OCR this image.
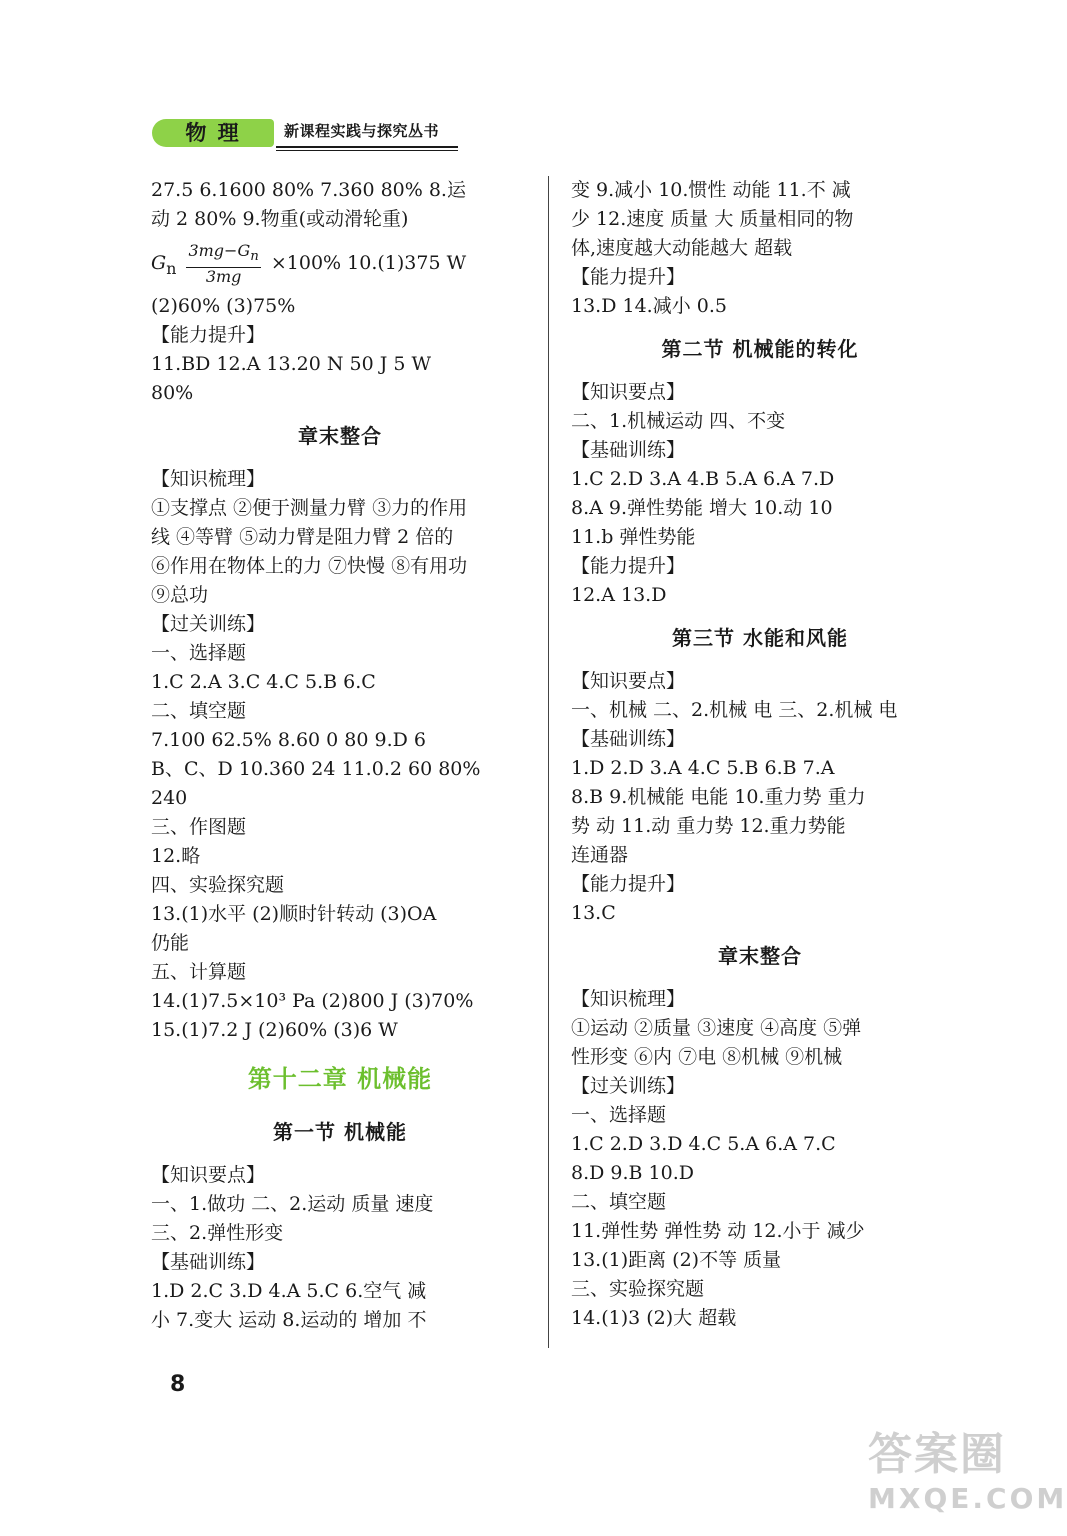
物 理	新课程实践与探究丛书
27.5 6.1600 80% 7.360 80% 8.运
动 2 80% 9.物重(或动滑轮重)
$G_n \frac{3mg-G_n}{3mg} \times 100\%$ 10.(1)375 W
(2)60% (3)75%
【能力提升】
11.BD 12.A 13.20 N 50 J 5 W
80%
章末整合
【知识梳理】
①支撑点 ②便于测量力臂 ③力的作用
线 ④等臂 ⑤动力臂是阻力臂 2 倍的
⑥作用在物体上的力 ⑦快慢 ⑧有用功
⑨总功
【过关训练】
一、选择题
1.C 2.A 3.C 4.C 5.B 6.C
二、填空题
7.100 62.5% 8.60 0 80 9.D 6
B、C、D 10.360 24 11.0.2 60 80%
240
三、作图题
12.略
四、实验探究题
13.(1)水平 (2)顺时针转动 (3)OA
仍能
五、计算题
14.(1)7.5×10³ Pa (2)800 J (3)70%
15.(1)7.2 J (2)60% (3)6 W
第十二章 机械能
第一节 机械能
【知识要点】
一、1.做功 二、2.运动 质量 速度
三、2.弹性形变
【基础训练】
1.D 2.C 3.D 4.A 5.C 6.空气 减
小 7.变大 运动 8.运动的 增加 不
变 9.减小 10.惯性 动能 11.不 减
少 12.速度 质量 大 质量相同的物
体,速度越大动能越大 超载
【能力提升】
13.D 14.减小 0.5
第二节 机械能的转化
【知识要点】
二、1.机械运动 四、不变
【基础训练】
1.C 2.D 3.A 4.B 5.A 6.A 7.D
8.A 9.弹性势能 增大 10.动 10
11.b 弹性势能
【能力提升】
12.A 13.D
第三节 水能和风能
【知识要点】
一、机械 二、2.机械 电 三、2.机械 电
【基础训练】
1.D 2.D 3.A 4.C 5.B 6.B 7.A
8.B 9.机械能 电能 10.重力势 重力
势 动 11.动 重力势 12.重力势能
连通器
【能力提升】
13.C
章末整合
【知识梳理】
①运动 ②质量 ③速度 ④高度 ⑤弹
性形变 ⑥内 ⑦电 ⑧机械 ⑨机械
【过关训练】
一、选择题
1.C 2.D 3.D 4.C 5.A 6.A 7.C
8.D 9.B 10.D
二、填空题
11.弹性势 弹性势 动 12.小于 减少
13.(1)距离 (2)不等 质量
三、实验探究题
14.(1)3 (2)大 超载
8
答案圈
MXQE.COM
